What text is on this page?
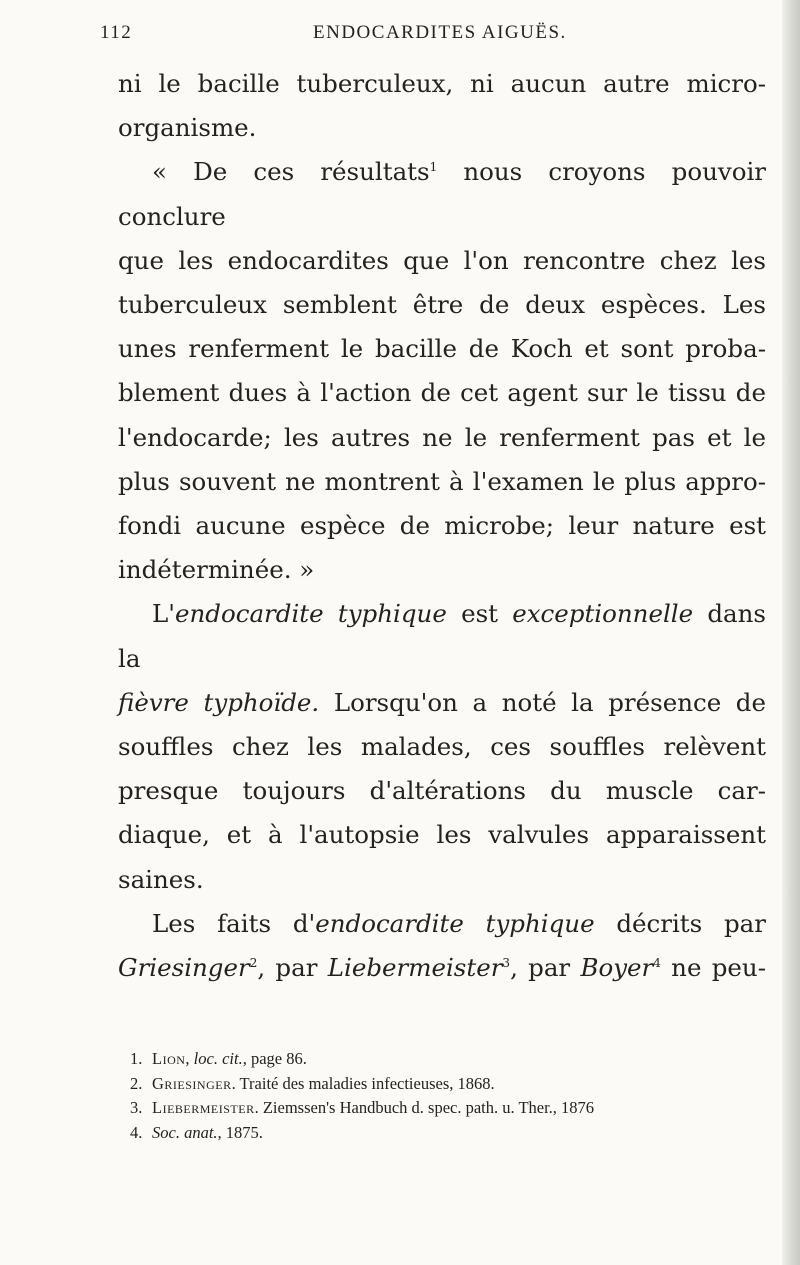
112	ENDOCARDITES AIGUËS.

ni le bacille tuberculeux, ni aucun autre micro-
organisme.

« De ces résultats$^1$ nous croyons pouvoir conclure
que les endocardites que l'on rencontre chez les
tuberculeux semblent être de deux espèces. Les
unes renferment le bacille de Koch et sont proba-
blement dues à l'action de cet agent sur le tissu de
l'endocarde; les autres ne le renferment pas et le
plus souvent ne montrent à l'examen le plus appro-
fondi aucune espèce de microbe; leur nature est
indéterminée. »

L'endocardite typhique est exceptionnelle dans la
fièvre typhoïde. Lorsqu'on a noté la présence de
souffles chez les malades, ces souffles relèvent
presque toujours d'altérations du muscle car-
diaque, et à l'autopsie les valvules apparaissent
saines.

Les faits d'endocardite typhique décrits par
Griesinger$^2$, par Liebermeister$^3$, par Boyer$^4$ ne peu-

1. Lion, loc. cit., page 86.
2. Griesinger. Traité des maladies infectieuses, 1868.
3. Liebermeister. Ziemssen's Handbuch d. spec. path. u. Ther., 1876
4. Soc. anat., 1875.
